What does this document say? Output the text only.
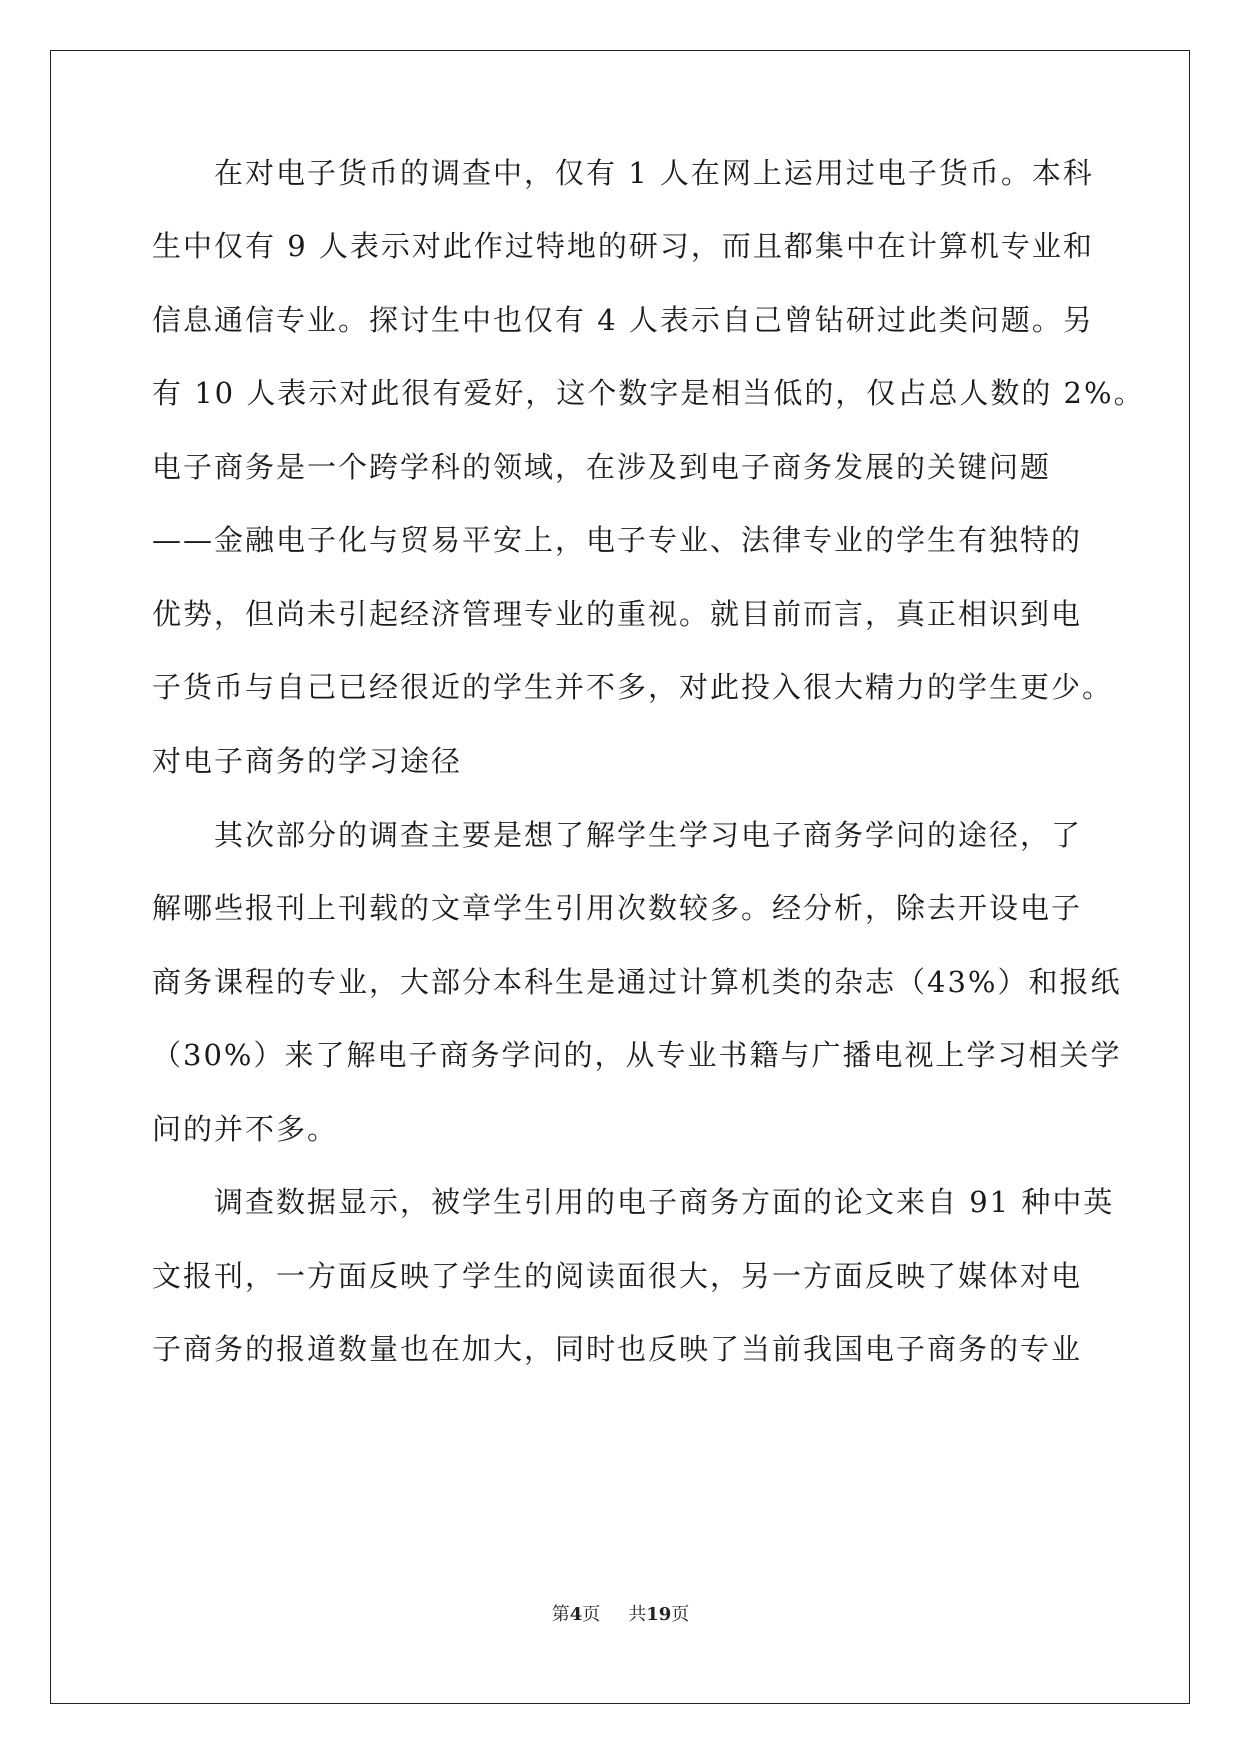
　　在对电子货币的调查中，仅有 1 人在网上运用过电子货币。本科
生中仅有 9 人表示对此作过特地的研习，而且都集中在计算机专业和
信息通信专业。探讨生中也仅有 4 人表示自己曾钻研过此类问题。另
有 10 人表示对此很有爱好，这个数字是相当低的，仅占总人数的 2%。
电子商务是一个跨学科的领域，在涉及到电子商务发展的关键问题
——金融电子化与贸易平安上，电子专业、法律专业的学生有独特的
优势，但尚未引起经济管理专业的重视。就目前而言，真正相识到电
子货币与自己已经很近的学生并不多，对此投入很大精力的学生更少。
对电子商务的学习途径
　　其次部分的调查主要是想了解学生学习电子商务学问的途径，了
解哪些报刊上刊载的文章学生引用次数较多。经分析，除去开设电子
商务课程的专业，大部分本科生是通过计算机类的杂志（43%）和报纸
（30%）来了解电子商务学问的，从专业书籍与广播电视上学习相关学
问的并不多。
　　调查数据显示，被学生引用的电子商务方面的论文来自 91 种中英
文报刊，一方面反映了学生的阅读面很大，另一方面反映了媒体对电
子商务的报道数量也在加大，同时也反映了当前我国电子商务的专业
第4页 共19页
